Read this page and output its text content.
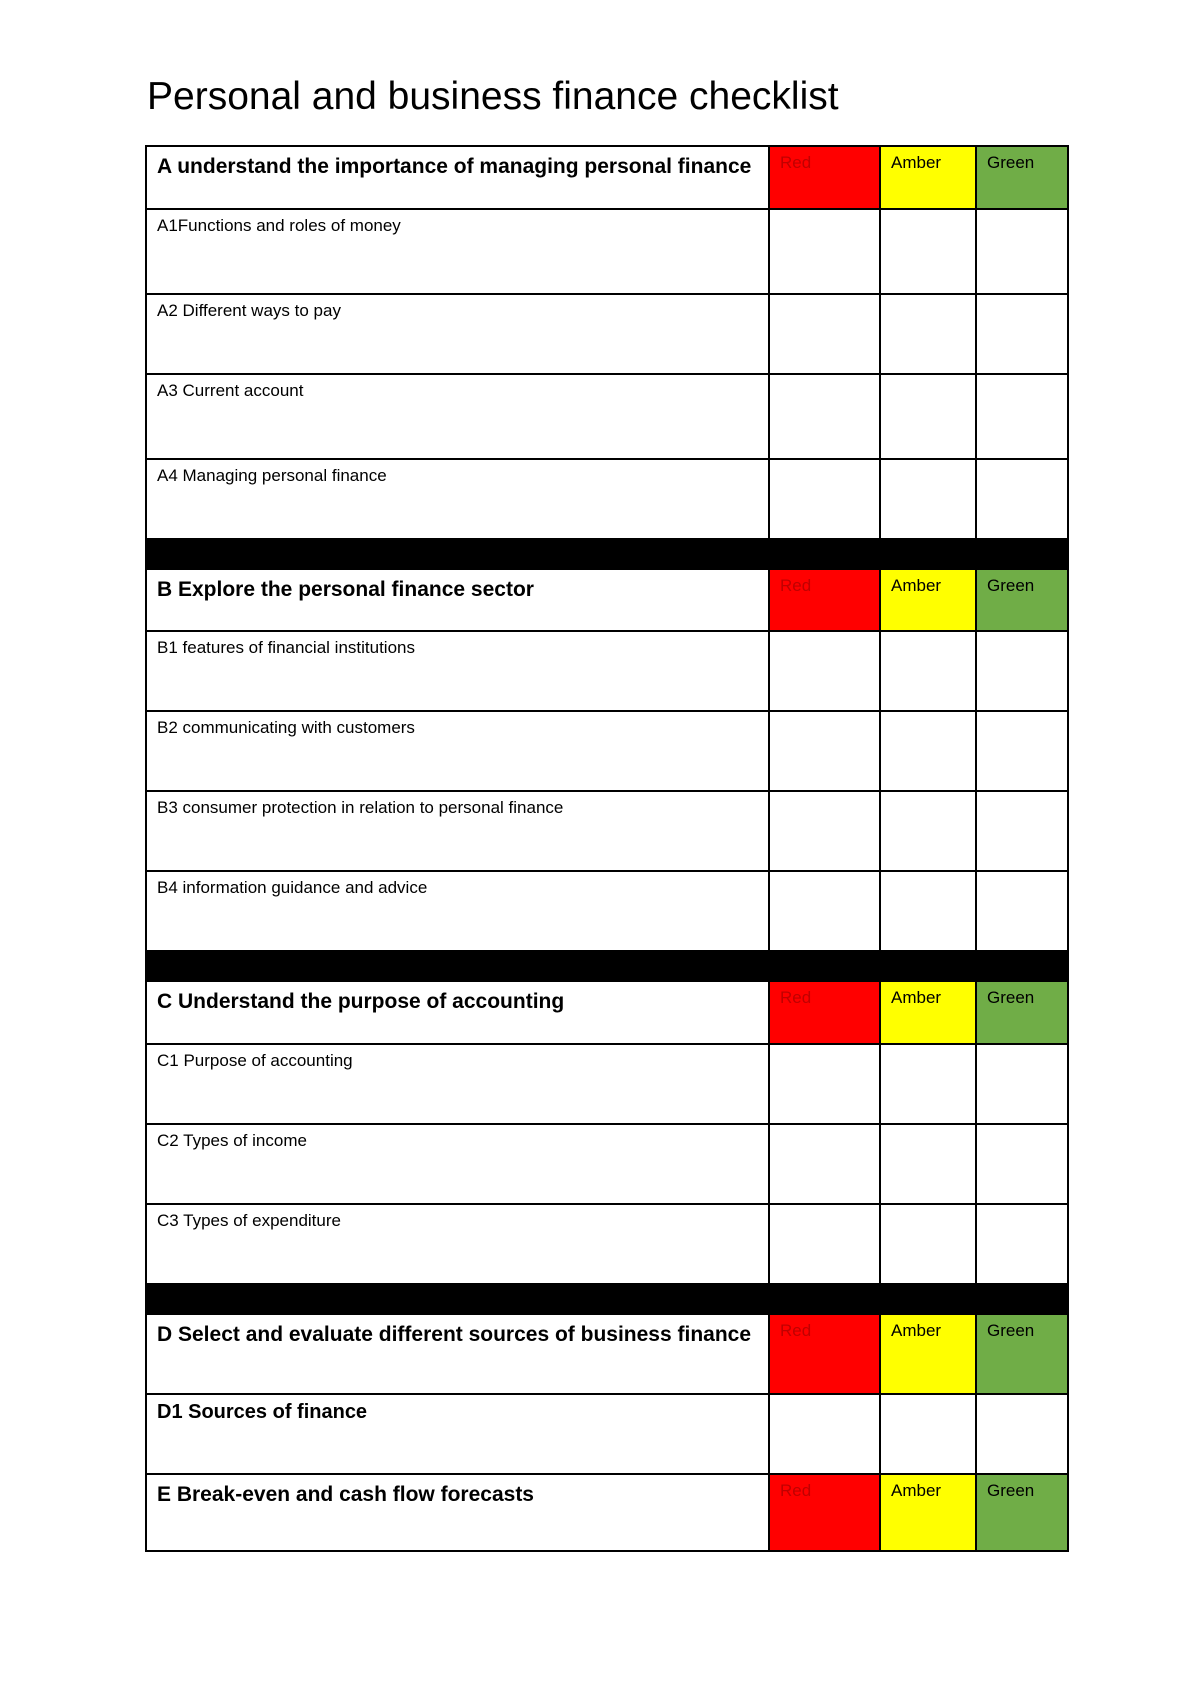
Personal and business finance checklist
A understand the importance of managing personal finance	Red	Amber	Green

A1Functions and roles of money			
A2 Different ways to pay			
A3 Current account			
A4 Managing personal finance			

B Explore the personal finance sector	Red	Amber	Green

B1 features of financial institutions			
B2 communicating with customers			
B3 consumer protection in relation to personal finance			
B4 information guidance and advice			

C Understand the purpose of accounting	Red	Amber	Green

C1 Purpose of accounting			
C2 Types of income			
C3 Types of expenditure			

D Select and evaluate different sources of business finance	Red	Amber	Green

D1 Sources of finance			
E Break-even and cash flow forecasts	Red	Amber	Green
